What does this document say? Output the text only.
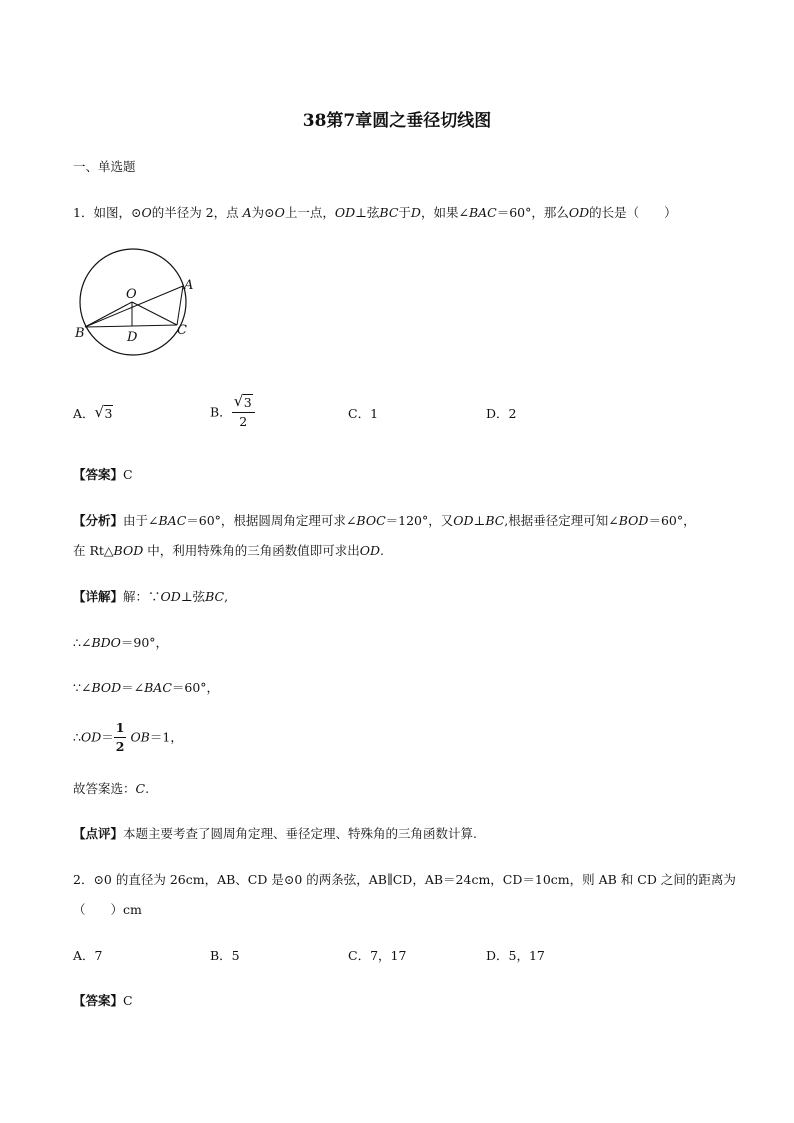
38第7章圆之垂径切线图
一、单选题
1．如图，⊙O的半径为 2，点 A为⊙O上一点，OD⊥弦BC于D，如果∠BAC＝60°，那么OD的长是（　　）
O
A
B	C
D
A． √ 3	B． $\frac{√ 3}{2}$	C．1	D．2
【答案】C
【分析】由于∠BAC＝60°，根据圆周角定理可求∠BOC＝120°，又OD⊥BC,根据垂径定理可知∠BOD＝60°，
在 Rt△BOD 中，利用特殊角的三角函数值即可求出OD.
【详解】解：∵OD⊥弦BC,
∴∠BDO＝90°，
∵∠BOD＝∠BAC＝60°，
∴OD＝ $\frac{1}{2} OB=1$，
故答案选：C.
【点评】本题主要考查了圆周角定理、垂径定理、特殊角的三角函数计算.
2．⊙0 的直径为 26cm，AB、CD 是⊙0 的两条弦，AB∥CD，AB＝24cm，CD＝10cm，则 AB 和 CD 之间的距离为
（　　）cm
A．7	B．5	C．7，17	D．5，17
【答案】C
